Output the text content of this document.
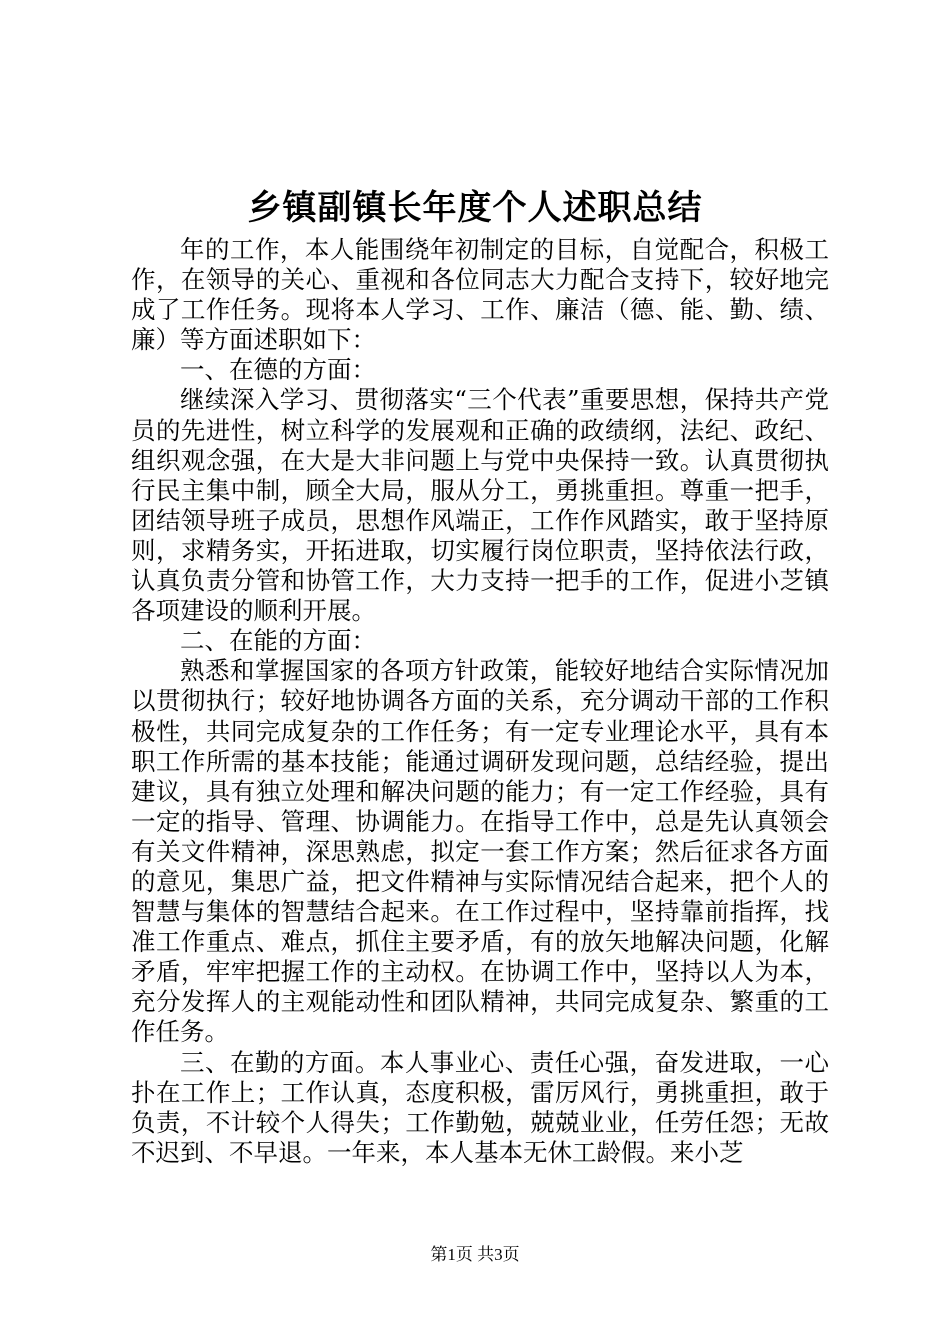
乡镇副镇长年度个人述职总结

年的工作，本人能围绕年初制定的目标，自觉配合，积极工作，在领导的关心、重视和各位同志大力配合支持下，较好地完成了工作任务。现将本人学习、工作、廉洁（德、能、勤、绩、廉）等方面述职如下：

一、在德的方面：

继续深入学习、贯彻落实“三个代表”重要思想，保持共产党员的先进性，树立科学的发展观和正确的政绩纲，法纪、政纪、组织观念强，在大是大非问题上与党中央保持一致。认真贯彻执行民主集中制，顾全大局，服从分工，勇挑重担。尊重一把手，团结领导班子成员，思想作风端正，工作作风踏实，敢于坚持原则，求精务实，开拓进取，切实履行岗位职责，坚持依法行政，认真负责分管和协管工作，大力支持一把手的工作，促进小芝镇各项建设的顺利开展。

二、在能的方面：

熟悉和掌握国家的各项方针政策，能较好地结合实际情况加以贯彻执行；较好地协调各方面的关系，充分调动干部的工作积极性，共同完成复杂的工作任务；有一定专业理论水平，具有本职工作所需的基本技能；能通过调研发现问题，总结经验，提出建议，具有独立处理和解决问题的能力；有一定工作经验，具有一定的指导、管理、协调能力。在指导工作中，总是先认真领会有关文件精神，深思熟虑，拟定一套工作方案；然后征求各方面的意见，集思广益，把文件精神与实际情况结合起来，把个人的智慧与集体的智慧结合起来。在工作过程中，坚持靠前指挥，找准工作重点、难点，抓住主要矛盾，有的放矢地解决问题，化解矛盾，牢牢把握工作的主动权。在协调工作中，坚持以人为本，充分发挥人的主观能动性和团队精神，共同完成复杂、繁重的工作任务。

三、在勤的方面。本人事业心、责任心强，奋发进取，一心扑在工作上；工作认真，态度积极，雷厉风行，勇挑重担，敢于负责，不计较个人得失；工作勤勉，兢兢业业，任劳任怨；无故不迟到、不早退。一年来，本人基本无休工龄假。来小芝

第1页 共3页
